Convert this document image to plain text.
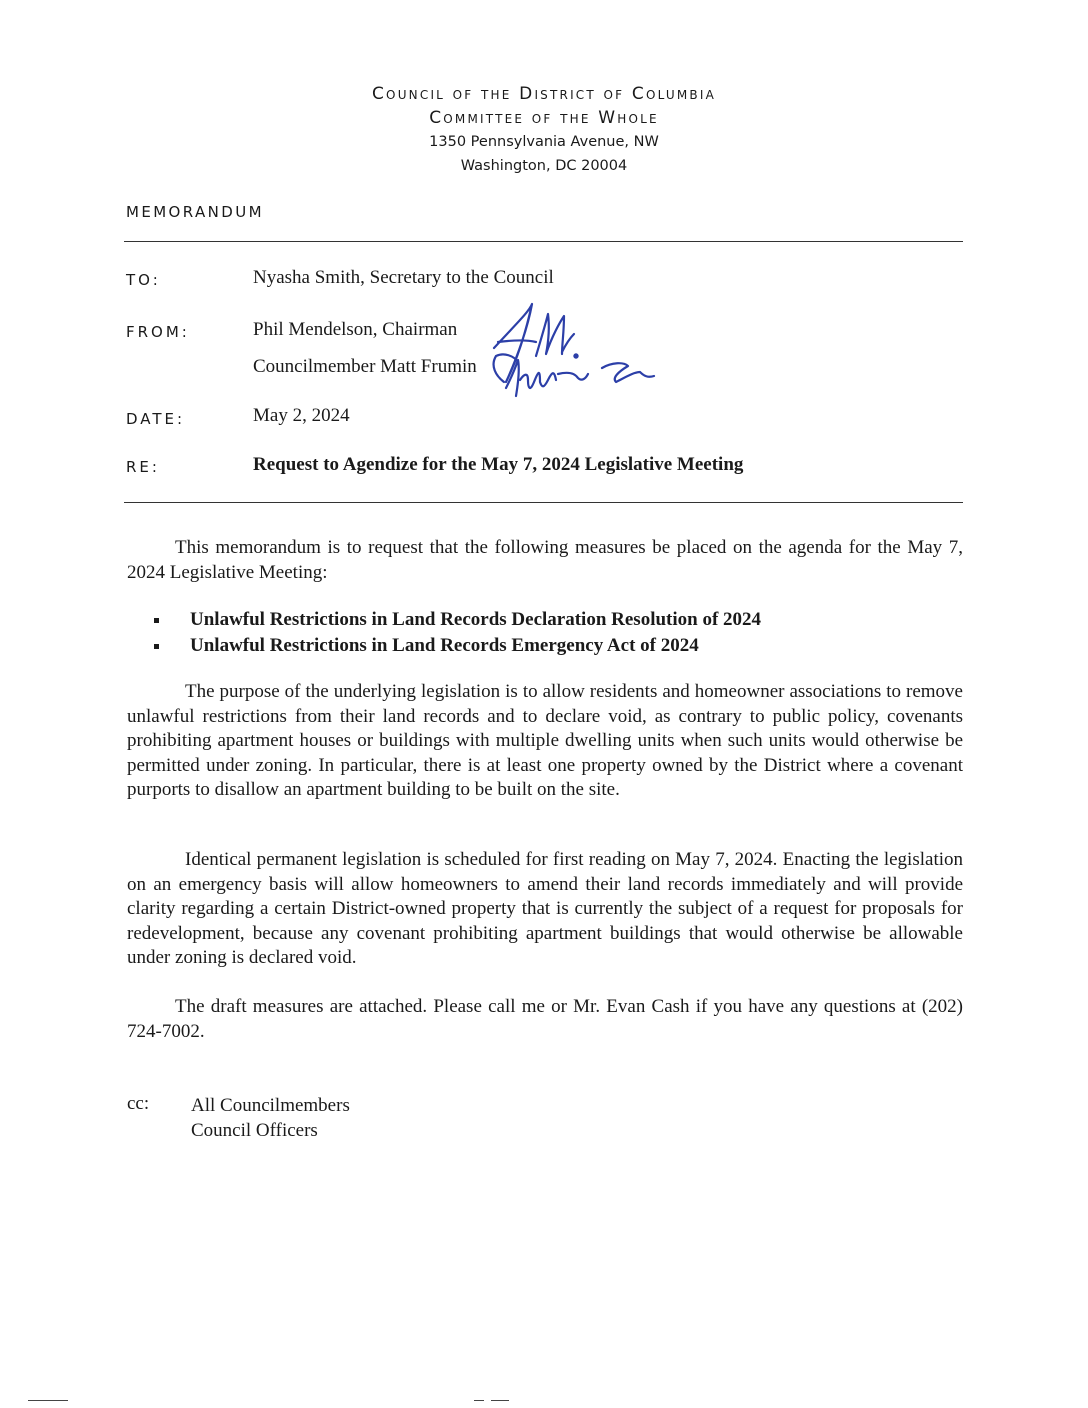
Council of the District of Columbia
Committee of the Whole
1350 Pennsylvania Avenue, NW
Washington, DC 20004
MEMORANDUM
TO:	Nyasha Smith, Secretary to the Council
FROM:	Phil Mendelson, Chairman
Councilmember Matt Frumin
DATE:	May 2, 2024
RE:	Request to Agendize for the May 7, 2024 Legislative Meeting

This memorandum is to request that the following measures be placed on the agenda for the May 7, 2024 Legislative Meeting:

Unlawful Restrictions in Land Records Declaration Resolution of 2024
Unlawful Restrictions in Land Records Emergency Act of 2024

The purpose of the underlying legislation is to allow residents and homeowner associations to remove unlawful restrictions from their land records and to declare void, as contrary to public policy, covenants prohibiting apartment houses or buildings with multiple dwelling units when such units would otherwise be permitted under zoning. In particular, there is at least one property owned by the District where a covenant purports to disallow an apartment building to be built on the site.

Identical permanent legislation is scheduled for first reading on May 7, 2024. Enacting the legislation on an emergency basis will allow homeowners to amend their land records immediately and will provide clarity regarding a certain District-owned property that is currently the subject of a request for proposals for redevelopment, because any covenant prohibiting apartment buildings that would otherwise be allowable under zoning is declared void.

The draft measures are attached. Please call me or Mr. Evan Cash if you have any questions at (202) 724-7002.

cc: All Councilmembers
Council Officers
